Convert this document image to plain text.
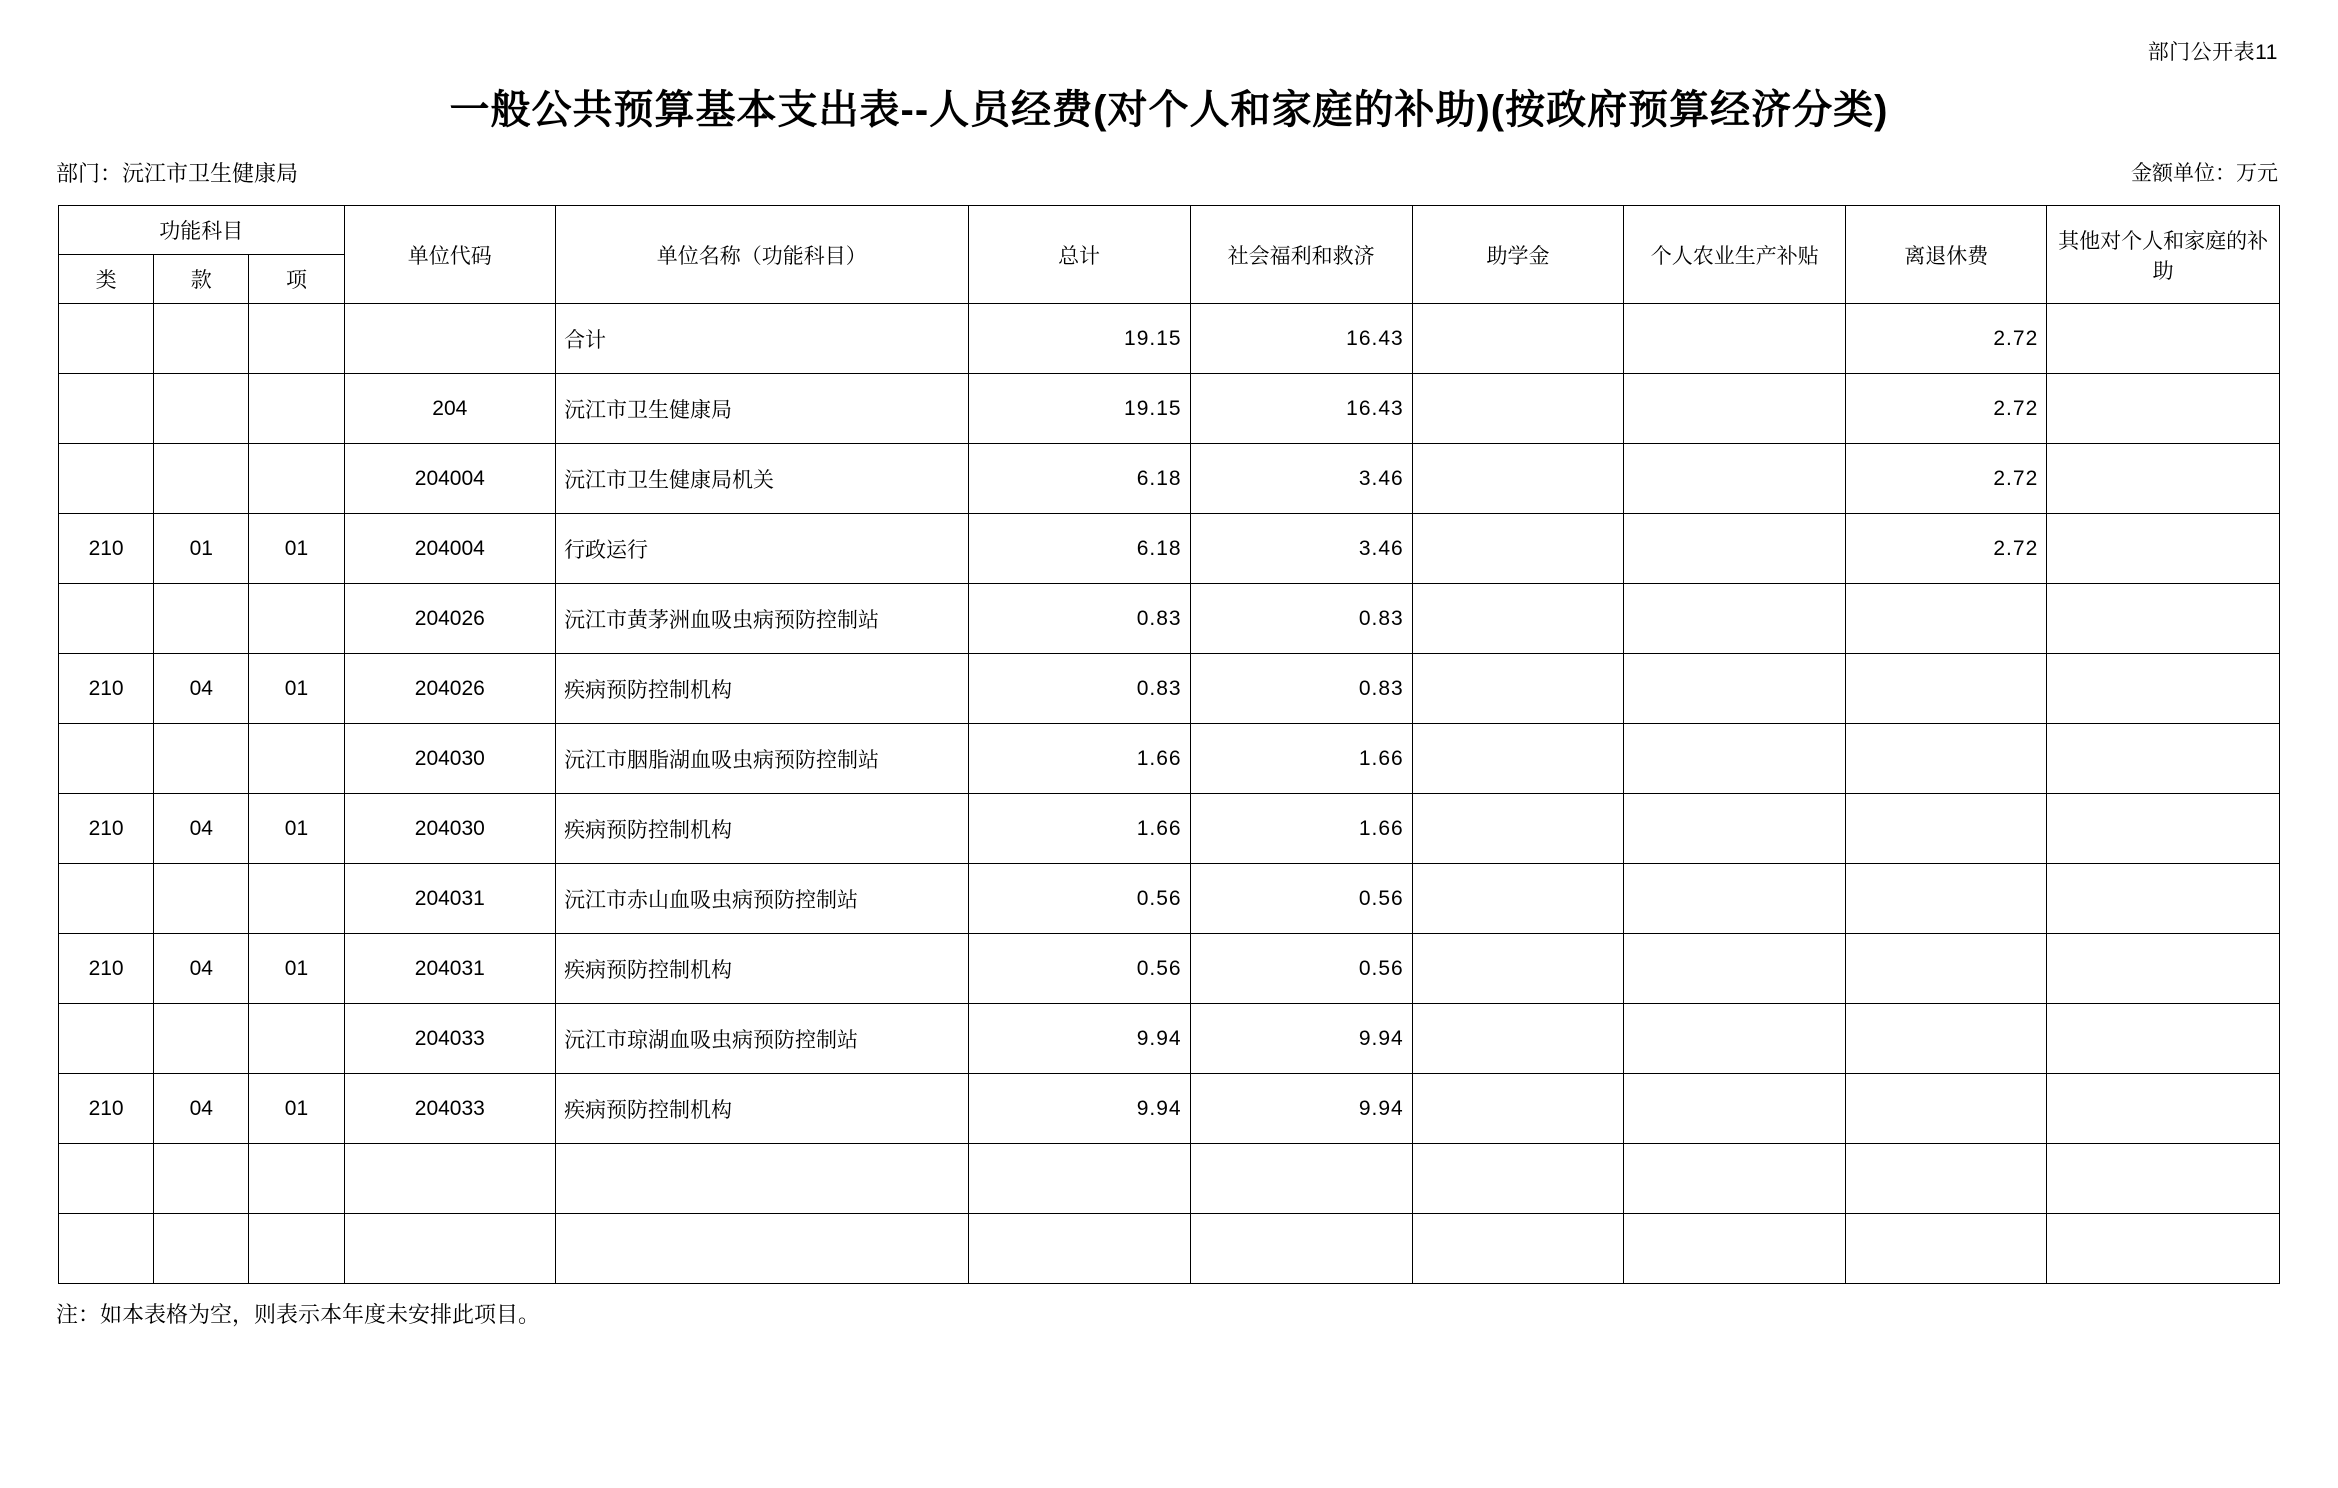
部门公开表11
一般公共预算基本支出表--人员经费(对个人和家庭的补助)(按政府预算经济分类)
部门：沅江市卫生健康局	金额单位：万元
功能科目			单位代码	单位名称（功能科目）	总计	社会福利和救济	助学金	个人农业生产补贴	离退休费	其他对个人和家庭的补助
类	款	项								
				合计	19.15	16.43			2.72	
			204	沅江市卫生健康局	19.15	16.43			2.72	
			204004	沅江市卫生健康局机关	6.18	3.46			2.72	
210	01	01	204004	行政运行	6.18	3.46			2.72	
			204026	沅江市黄茅洲血吸虫病预防控制站	0.83	0.83				
210	04	01	204026	疾病预防控制机构	0.83	0.83				
			204030	沅江市胭脂湖血吸虫病预防控制站	1.66	1.66				
210	04	01	204030	疾病预防控制机构	1.66	1.66				
			204031	沅江市赤山血吸虫病预防控制站	0.56	0.56				
210	04	01	204031	疾病预防控制机构	0.56	0.56				
			204033	沅江市琼湖血吸虫病预防控制站	9.94	9.94				
210	04	01	204033	疾病预防控制机构	9.94	9.94				

注：如本表格为空，则表示本年度未安排此项目。
